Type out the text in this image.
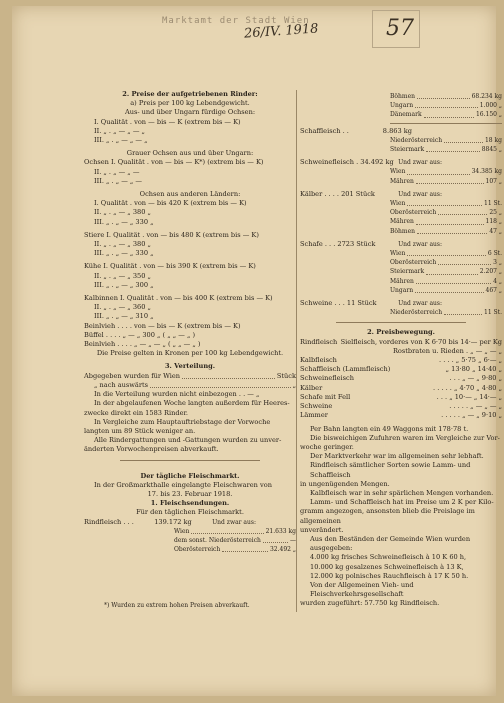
Marktamt der Stadt Wien
26/IV. 1918	57
2. Preise der aufgetriebenen Rinder:
a) Preis per 100 kg Lebendgewicht.
Aus- und über Ungarn fürdige Ochsen:
I. Qualität . von — bis — K (extrem bis — K)
II. „ . „ — „ — „
III. „ . „ — „ — „
Grauer Ochsen aus und über Ungarn:
Ochsen I. Qualität . von — bis — K*) (extrem bis — K)
II. „ . „ — „ —
III. „ . „ — „ —
Ochsen aus anderen Ländern:
I. Qualität . von — bis 420 K (extrem bis — K)
II. „ . „ — „ 380 „
III. „ . „ — „ 330 „
Stiere I. Qualität . von — bis 480 K (extrem bis — K)
II. „ . „ — „ 380 „
III. „ . „ — „ 330 „
Kühe I. Qualität . von — bis 390 K (extrem bis — K)
II. „ . „ — „ 350 „
III. „ . „ — „ 300 „
Kalbinnen I. Qualität . von — bis 400 K (extrem bis — K)
II. „ . „ — „ 360 „
III. „ . „ — „ 310 „
Beinlvieh . . . . von — bis — K (extrem bis — K)
Büffel . . . . „ — „ 300 „ ( „ „ — „ )
Beinlvieh . . . . „ — „ — „ ( „ „ — „ )
Die Preise gelten in Kronen per 100 kg Lebendgewicht.
3. Verteilung.
Abgegeben wurden für Wien	Stück
„ nach auswärts	„
In die Verteilung wurden nicht einbezogen . . — „
In der abgelaufenen Woche langten außerdem für Heeres-
zwecke direkt ein 1583 Rinder.
In Vergleiche zum Hauptauftriebstage der Vorwoche
langten um 89 Stück weniger an.
Alle Rindergattungen und -Gattungen wurden zu unver-
änderten Vorwochenpreisen abverkauft.
Der tägliche Fleischmarkt.
In der Großmarkthalle eingelangte Fleischwaren von
17. bis 23. Februar 1918.
1. Fleischsendungen.
Für den täglichen Fleischmarkt.
Rindfleisch . . .	139.172 kg	Und zwar aus:
Wien	21.633 kg
dem sonst. Niederösterreich	—
Oberösterreich	32.492 „
*) Wurden zu extrem hohen Preisen abverkauft.
Böhmen	68.234 kg
Ungarn	1.000 „
Dänemark	16.150 „
Schaffleisch . .	8.863 kg
Niederösterreich	18 kg
Steiermark	8845 „
Schweinefleisch . 34.492 kg Und zwar aus:
Wien	34.385 kg
Mähren	107 „
Kälber . . . . 201 Stück	Und zwar aus:
Wien	11 St.
Oberösterreich	25 „
Mähren	118 „
Böhmen	47 „
Schafe . . . 2723 Stück	Und zwar aus:
Wien	6 St.
Oberösterreich	3 „
Steiermark	2.207 „
Mähren	4 „
Ungarn	467 „
Schweine . . . 11 Stück	Und zwar aus:
Niederösterreich	11 St.
2. Preisbewegung.
Rindfleisch Sielfleisch, vorderes von K 6·70 bis 14·— per Kg
Rostbraten u. Rieden . „ — „ — „
Kalbfleisch	. . . . „ 5·75 „ 6·— „
Schaffleisch (Lammfleisch)	„ 13·80 „ 14·40 „
Schweinefleisch	. . . „ — „ 9·80 „
Kälber	. . . . . „ 4·70 „ 4·80 „
Schafe mit Fell	. . . „ 10·— „ 14·— „
Schweine	. . . . . „ — „ — „
Lämmer	. . . . . „ — „ 9·10 „
Per Bahn langten ein 49 Waggons mit 178·78 t.
Die bisweichigen Zufuhren waren im Vergleiche zur Vor-
woche geringer.
Der Marktverkehr war im allgemeinen sehr lebhaft.
Rindfleisch sämtlicher Sorten sowie Lamm- und Schaffleisch
in ungenügenden Mengen.
Kalbfleisch war in sehr spärlichen Mengen vorhanden.
Lamm- und Schaffleisch hat im Preise um 2 K per Kilo-
gramm angezogen, ansonsten blieb die Preislage im allgemeinen
unverändert.
Aus den Beständen der Gemeinde Wien wurden ausgegeben:
4.000 kg frisches Schweinefleisch à 10 K 60 h,
10.000 kg gesalzenes Schweinefleisch à 13 K,
12.000 kg polnisches Rauchfleisch à 17 K 50 h.
Von der Allgemeinen Vieh- und Fleischverkehrsgesellschaft
wurden zugeführt: 57.750 kg Rindfleisch.
